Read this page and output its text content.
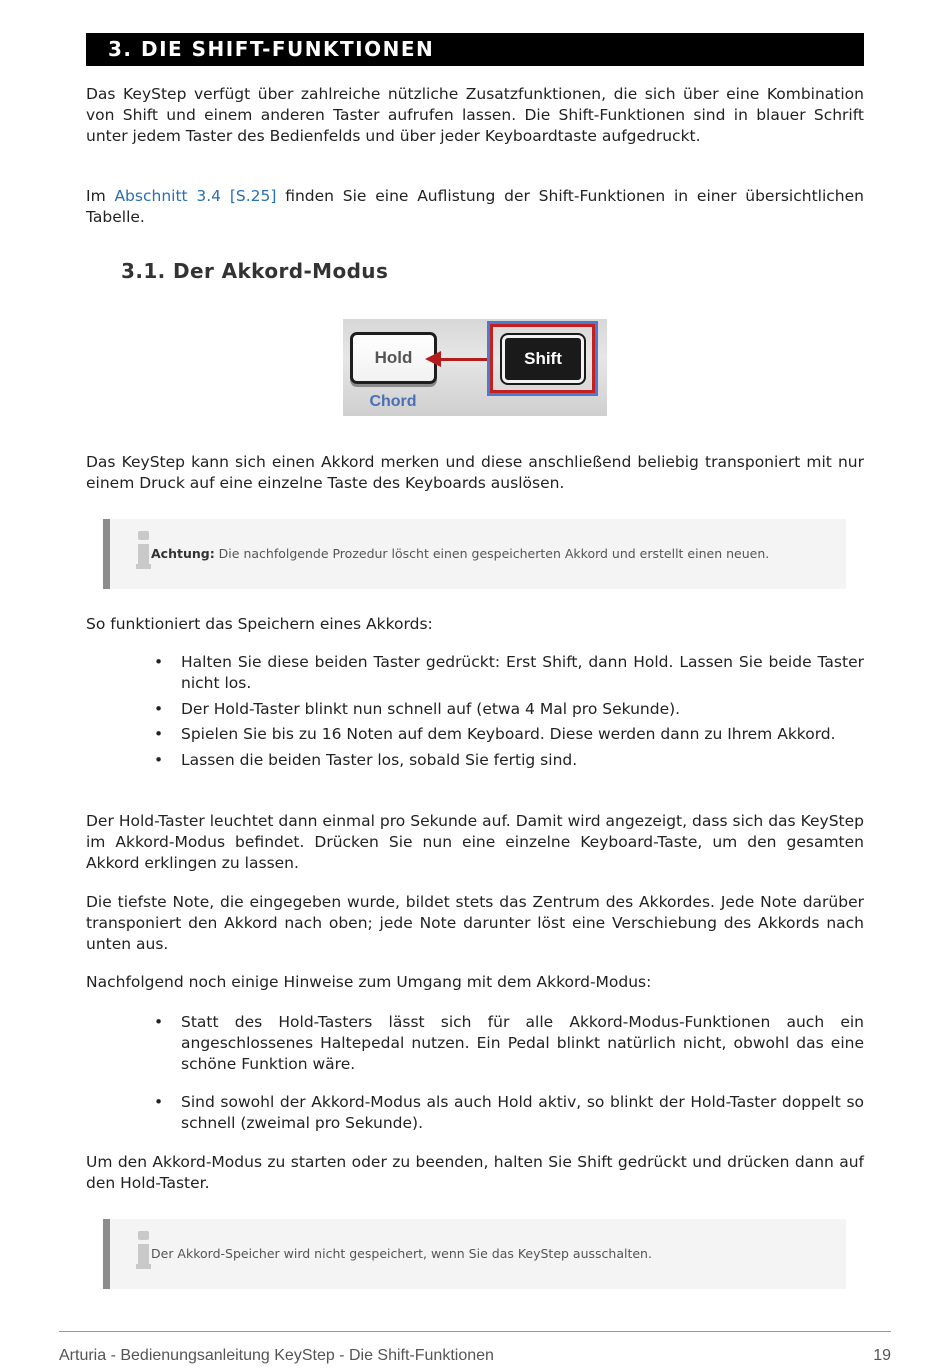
3. DIE SHIFT-FUNKTIONEN

Das KeyStep verfügt über zahlreiche nützliche Zusatzfunktionen, die sich über eine Kombination von Shift und einem anderen Taster aufrufen lassen. Die Shift-Funktionen sind in blauer Schrift unter jedem Taster des Bedienfelds und über jeder Keyboardtaste aufgedruckt.

Im Abschnitt 3.4 [S.25] finden Sie eine Auflistung der Shift-Funktionen in einer übersichtlichen Tabelle.

3.1. Der Akkord-Modus
Hold
Chord
Shift

Das KeyStep kann sich einen Akkord merken und diese anschließend beliebig transponiert mit nur einem Druck auf eine einzelne Taste des Keyboards auslösen.

Achtung: Die nachfolgende Prozedur löscht einen gespeicherten Akkord und erstellt einen neuen.

So funktioniert das Speichern eines Akkords:

• Halten Sie diese beiden Taster gedrückt: Erst Shift, dann Hold. Lassen Sie beide Taster nicht los.
• Der Hold-Taster blinkt nun schnell auf (etwa 4 Mal pro Sekunde).
• Spielen Sie bis zu 16 Noten auf dem Keyboard. Diese werden dann zu Ihrem Akkord.
• Lassen die beiden Taster los, sobald Sie fertig sind.

Der Hold-Taster leuchtet dann einmal pro Sekunde auf. Damit wird angezeigt, dass sich das KeyStep im Akkord-Modus befindet. Drücken Sie nun eine einzelne Keyboard-Taste, um den gesamten Akkord erklingen zu lassen.

Die tiefste Note, die eingegeben wurde, bildet stets das Zentrum des Akkordes. Jede Note darüber transponiert den Akkord nach oben; jede Note darunter löst eine Verschiebung des Akkords nach unten aus.

Nachfolgend noch einige Hinweise zum Umgang mit dem Akkord-Modus:

• Statt des Hold-Tasters lässt sich für alle Akkord-Modus-Funktionen auch ein angeschlossenes Haltepedal nutzen. Ein Pedal blinkt natürlich nicht, obwohl das eine schöne Funktion wäre.
• Sind sowohl der Akkord-Modus als auch Hold aktiv, so blinkt der Hold-Taster doppelt so schnell (zweimal pro Sekunde).

Um den Akkord-Modus zu starten oder zu beenden, halten Sie Shift gedrückt und drücken dann auf den Hold-Taster.

Der Akkord-Speicher wird nicht gespeichert, wenn Sie das KeyStep ausschalten.
Arturia - Bedienungsanleitung KeyStep - Die Shift-Funktionen	19
